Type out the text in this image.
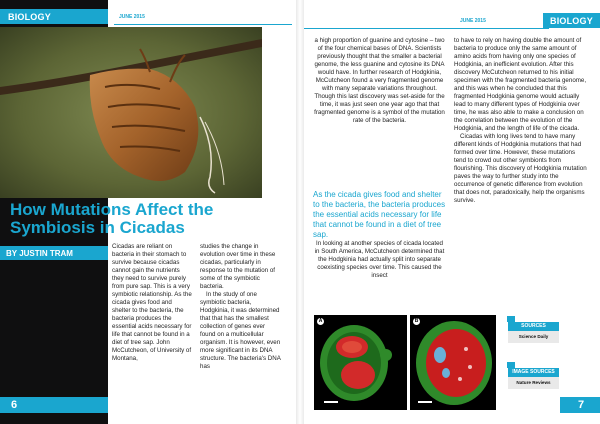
BIOLOGY	JUNE 2015
JUNE 2015	BIOLOGY
How Mutations Affect the
Symbiosis in Cicadas
BY JUSTIN TRAM

Cicadas are reliant on bacteria in their stomach to survive because cicadas cannot gain the nutrients they need to survive purely from pure sap. This is a very symbiotic relationship. As the cicada gives food and shelter to the bacteria, the bacteria produces the essential acids necessary for life that cannot be found in a diet of tree sap. John McCutcheon, of University of Montana,

studies the change in evolution over time in these cicadas, particularly in response to the mutation of some of the symbiotic bacteria.

In the study of one symbiotic bacteria, Hodgkinia, it was determined that that has the smallest collection of genes ever found on a multicellular organism. It is however, even more significant in its DNA structure. The bacteria's DNA has

a high proportion of guanine and cytosine – two of the four chemical bases of DNA. Scientists previously thought that the smaller a bacterial genome, the less guanine and cytosine its DNA would have. In further research of Hodgkinia, McCutcheon found a very fragmented genome with many separate variations throughout. Though this last discovery was set-aside for the time, it was just seen one year ago that that fragmented genome is a symbol of the mutation rate of the bacteria.

As the cicada gives food and shelter to the bacteria, the bacteria produces the essential acids necessary for life that cannot be found in a diet of tree sap.

In looking at another species of cicada located in South America, McCutcheon determined that the Hodgkinia had actually split into separate coexisting species over time. This caused the insect

to have to rely on having double the amount of bacteria to produce only the same amount of amino acids from having only one species of Hodgkinia, an inefficient evolution. After this discovery McCutcheon returned to his initial specimen with the fragmented bacteria genome, and this was when he concluded that this fragmented Hodgkinia genome would actually lead to many different types of Hodgkinia over time, he was also able to make a conclusion on the correlation between the evolution of the Hodgkinia, and the length of life of the cicada.

Cicadas with long lives tend to have many different kinds of Hodgkinia mutations that had formed over time. However, these mutations tend to crowd out other symbionts from flourishing. This discovery of Hodgkinia mutation paves the way to further study into the occurrence of genetic difference from evolution that does not, paradoxically, help the organisms survive.

A	B
SOURCES
Science Daily
IMAGE SOURCES
Nature Reviews
6	7
